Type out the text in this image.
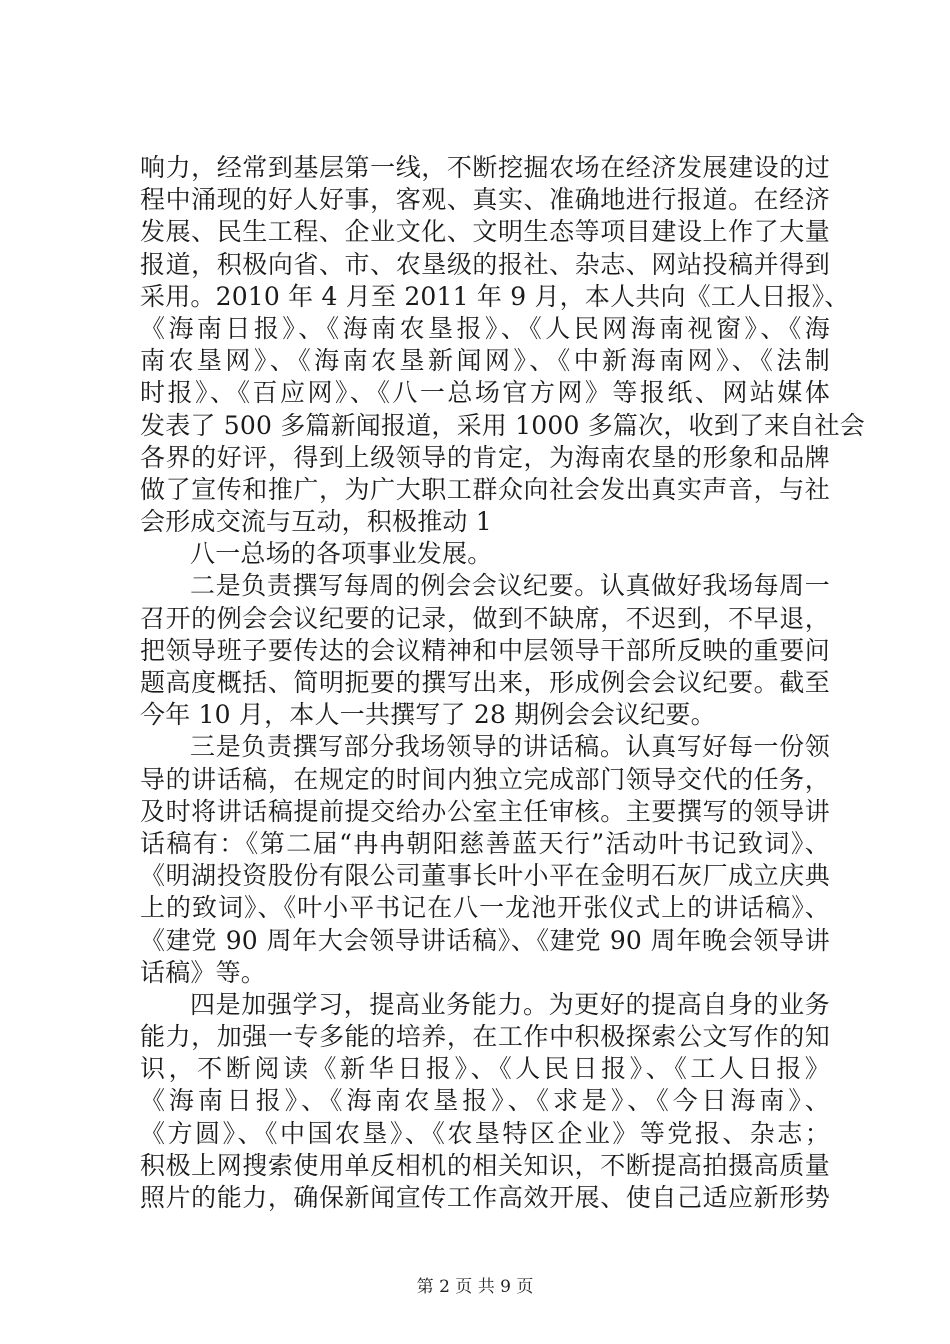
响力，经常到基层第一线，不断挖掘农场在经济发展建设的过
程中涌现的好人好事，客观、真实、准确地进行报道。在经济
发展、民生工程、企业文化、文明生态等项目建设上作了大量
报道，积极向省、市、农垦级的报社、杂志、网站投稿并得到
采用。2010 年 4 月至 2011 年 9 月，本人共向《工人日报》、
《海南日报》、《海南农垦报》、《人民网海南视窗》、《海
南农垦网》、《海南农垦新闻网》、《中新海南网》、《法制
时报》、《百应网》、《八一总场官方网》等报纸、网站媒体
发表了 500 多篇新闻报道，采用 1000 多篇次，收到了来自社会
各界的好评，得到上级领导的肯定，为海南农垦的形象和品牌
做了宣传和推广，为广大职工群众向社会发出真实声音，与社
会形成交流与互动，积极推动 1
八一总场的各项事业发展。
二是负责撰写每周的例会会议纪要。认真做好我场每周一
召开的例会会议纪要的记录，做到不缺席，不迟到，不早退，
把领导班子要传达的会议精神和中层领导干部所反映的重要问
题高度概括、简明扼要的撰写出来，形成例会会议纪要。截至
今年 10 月，本人一共撰写了 28 期例会会议纪要。
三是负责撰写部分我场领导的讲话稿。认真写好每一份领
导的讲话稿，在规定的时间内独立完成部门领导交代的任务，
及时将讲话稿提前提交给办公室主任审核。主要撰写的领导讲
话稿有：《第二届“冉冉朝阳慈善蓝天行”活动叶书记致词》、
《明湖投资股份有限公司董事长叶小平在金明石灰厂成立庆典
上的致词》、《叶小平书记在八一龙池开张仪式上的讲话稿》、
《建党 90 周年大会领导讲话稿》、《建党 90 周年晚会领导讲
话稿》等。
四是加强学习，提高业务能力。为更好的提高自身的业务
能力，加强一专多能的培养，在工作中积极探索公文写作的知
识，不断阅读《新华日报》、《人民日报》、《工人日报》
《海南日报》、《海南农垦报》、《求是》、《今日海南》、
《方圆》、《中国农垦》、《农垦特区企业》等党报、杂志；
积极上网搜索使用单反相机的相关知识，不断提高拍摄高质量
照片的能力，确保新闻宣传工作高效开展、使自己适应新形势
第 2 页 共 9 页
